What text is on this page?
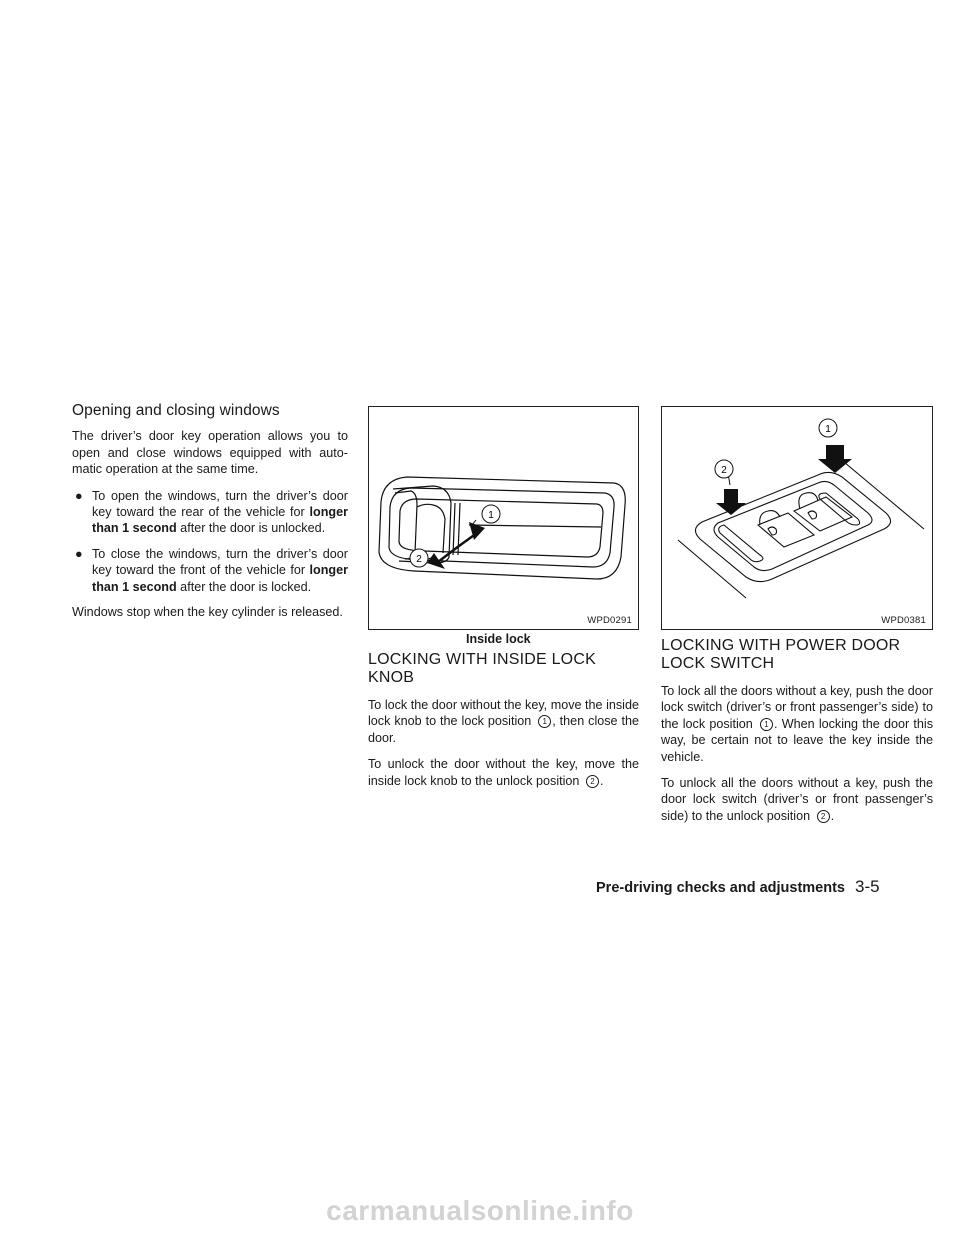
Opening and closing windows

The driver’s door key operation allows you to open and close windows equipped with auto-matic operation at the same time.

● To open the windows, turn the driver’s door key toward the rear of the vehicle for longer than 1 second after the door is unlocked.
● To close the windows, turn the driver’s door key toward the front of the vehicle for longer than 1 second after the door is locked.

Windows stop when the key cylinder is released.

1
2
WPD0291
Inside lock
LOCKING WITH INSIDE LOCK KNOB

To lock the door without the key, move the inside lock knob to the lock position 1 , then close the door.

To unlock the door without the key, move the inside lock knob to the unlock position 2 .

1
2
WPD0381
LOCKING WITH POWER DOOR LOCK SWITCH

To lock all the doors without a key, push the door lock switch (driver’s or front passenger’s side) to the lock position 1 . When locking the door this way, be certain not to leave the key inside the vehicle.

To unlock all the doors without a key, push the door lock switch (driver’s or front passenger’s side) to the unlock position 2 .

Pre-driving checks and adjustments 3-5
carmanualsonline.info
